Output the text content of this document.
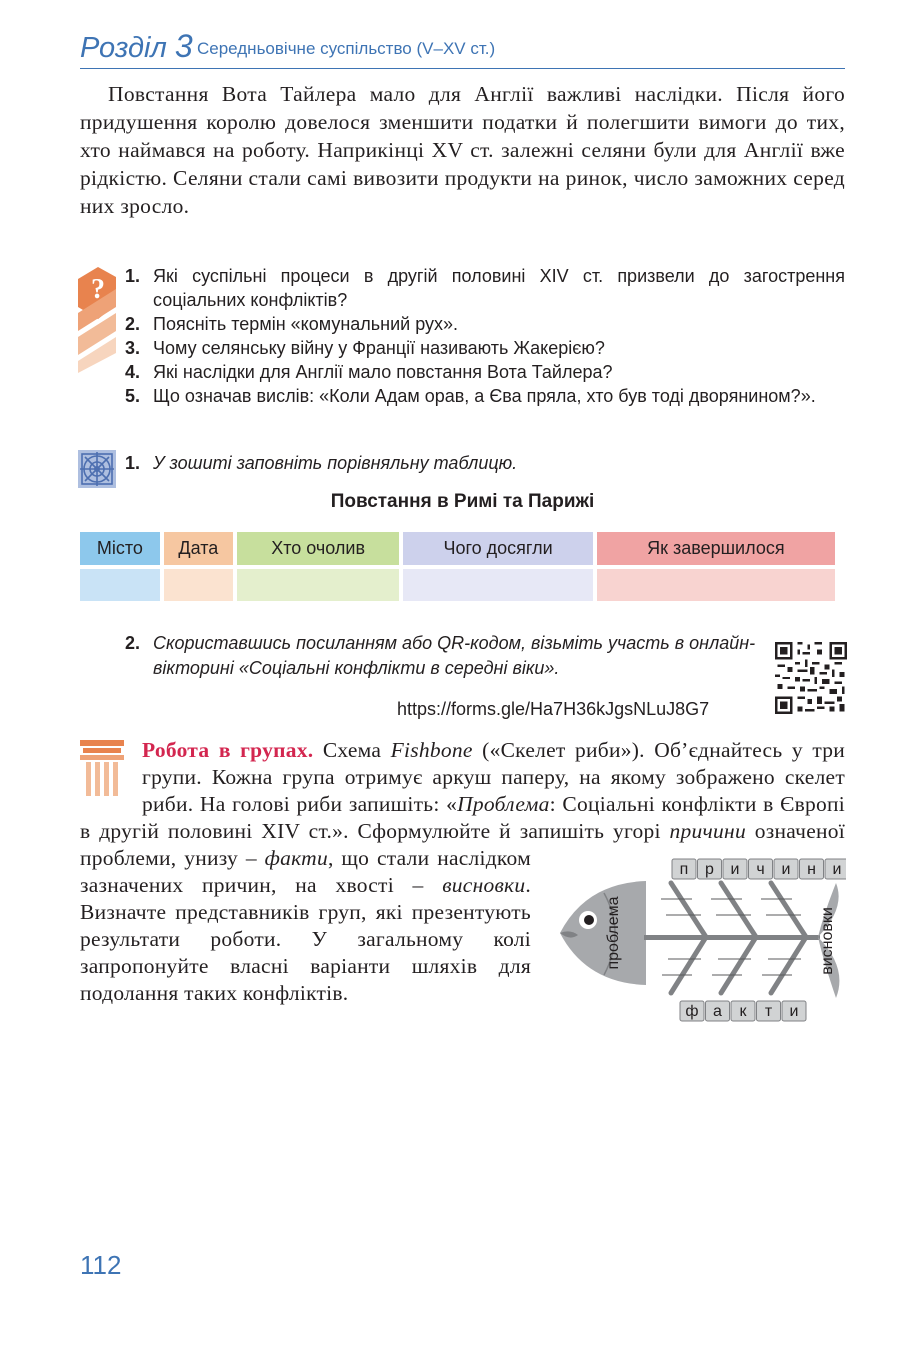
Розділ 3 Середньовічне суспільство (V–XV ст.)
Повстання Вота Тайлера мало для Англії важливі наслідки. Після його придушення королю довелося зменшити податки й полегшити вимоги до тих, хто наймався на роботу. Наприкінці XV ст. залежні селяни були для Англії вже рідкістю. Селяни стали самі вивозити продукти на ринок, число заможних серед них зросло.
? 1. Які суспільні процеси в другій половині XIV ст. призвели до загострення соціальних конфліктів?
2. Поясніть термін «комунальний рух».
3. Чому селянську війну у Франції називають Жакерією?
4. Які наслідки для Англії мало повстання Вота Тайлера?
5. Що означав вислів: «Коли Адам орав, а Єва пряла, хто був тоді дворянином?».
1. У зошиті заповніть порівняльну таблицю.
Повстання в Римі та Парижі
Місто	Дата	Хто очолив	Чого досягли	Як завершилося

2. Скориставшись посиланням або QR-кодом, візьміть участь в онлайн-вікторині «Соціальні конфлікти в середні віки».
https://forms.gle/Ha7H36kJgsNLuJ8G7
Робота в групах. Схема Fishbone («Скелет риби»). Об’єднайтесь у три групи. Кожна група отримує аркуш паперу, на якому зображено скелет риби. На голові риби запишіть: «Проблема: Соціальні конфлікти в Європі в другій половині XIV ст.». Сформулюйте й запишіть угорі
причини означеної проблеми, унизу – факти, що стали наслідком зазначених причин, на хвості – висновки. Визначте представників груп, які презентують результати роботи. У загальному колі запропонуйте власні варіанти шляхів для подолання таких конфліктів.
п р и ч и н и
ф а к т и
проблема	висновки
112
